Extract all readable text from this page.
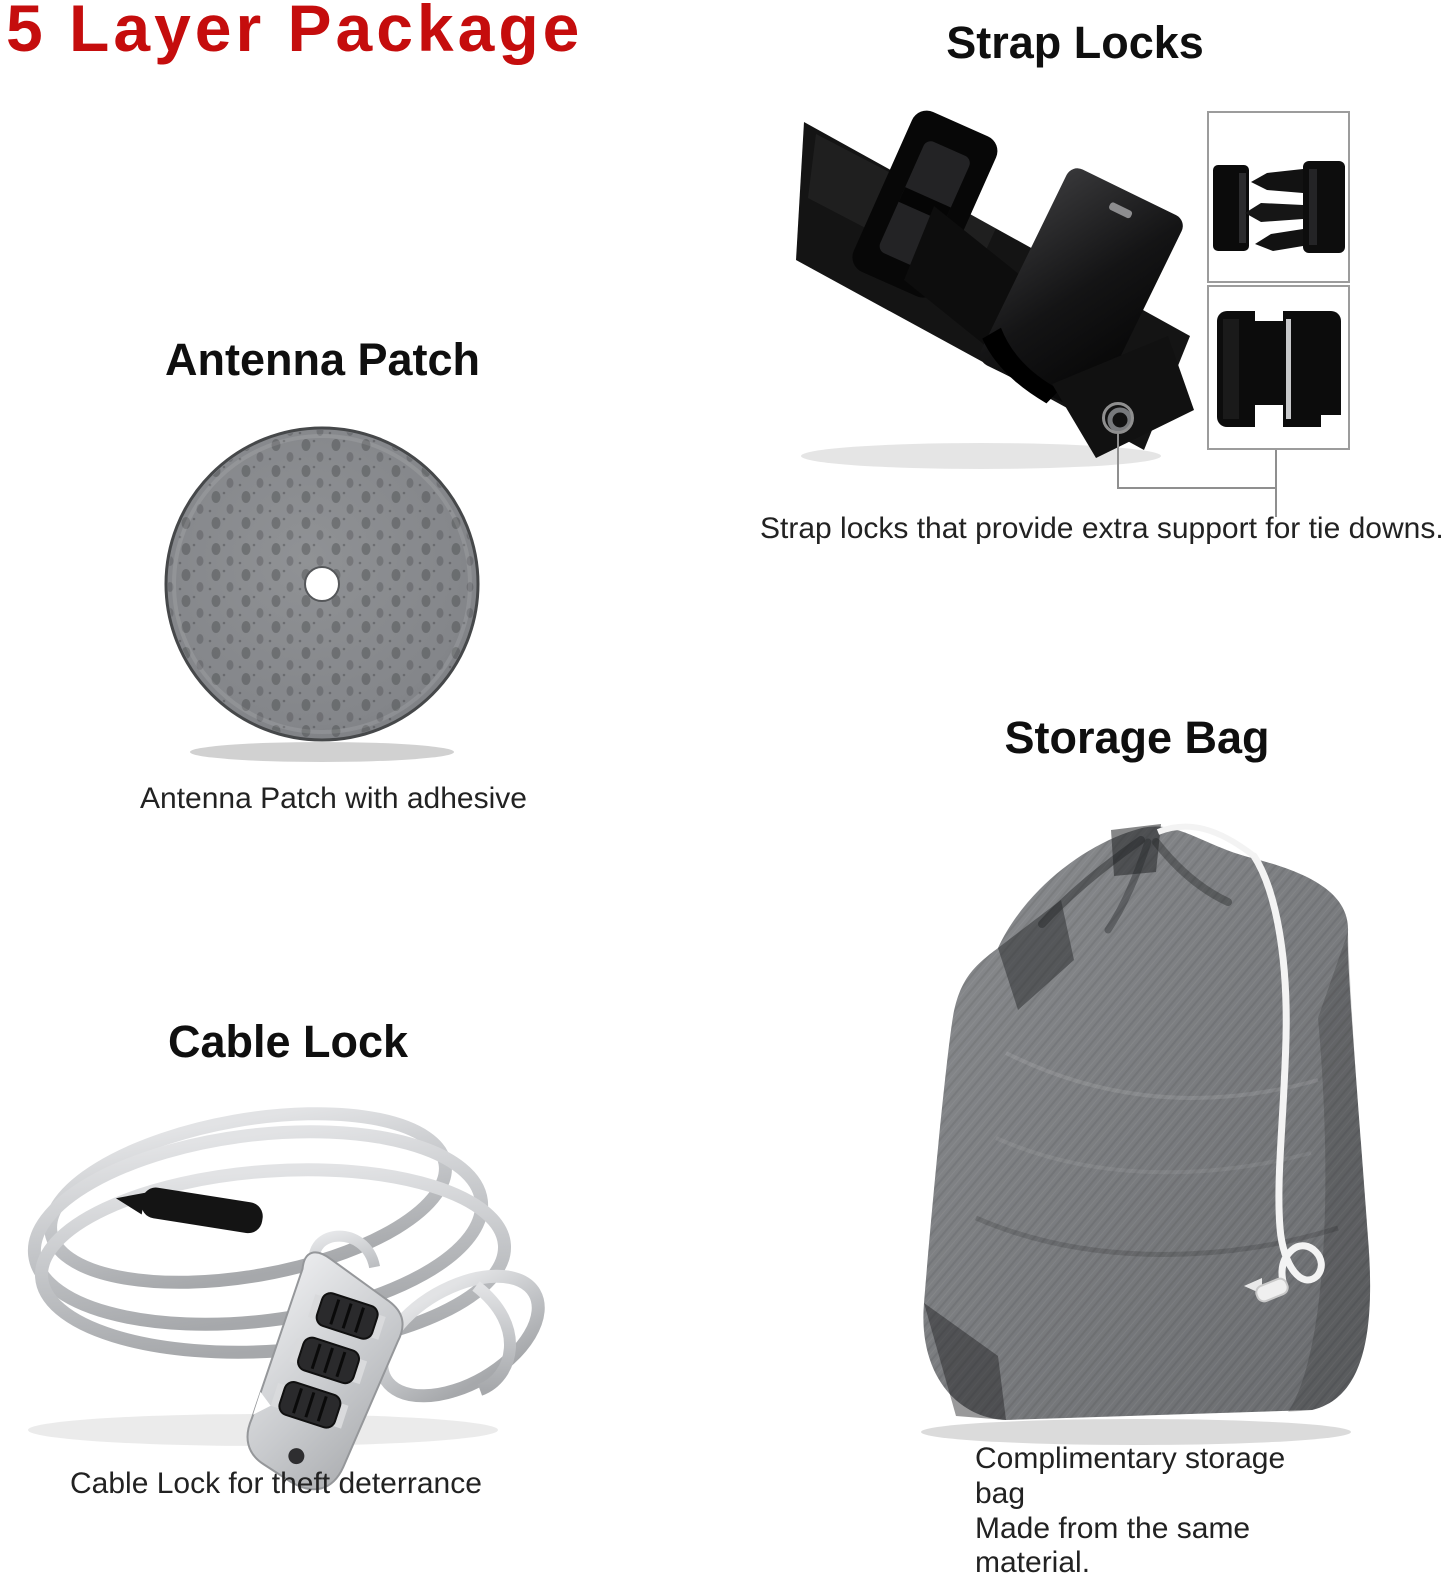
5 Layer Package	Strap Locks
Strap locks that provide extra support for tie downs.
Antenna Patch
Antenna Patch with adhesive
Cable Lock
Cable Lock for theft deterrance
Storage Bag
Complimentary storage bag
Made from the same material.
